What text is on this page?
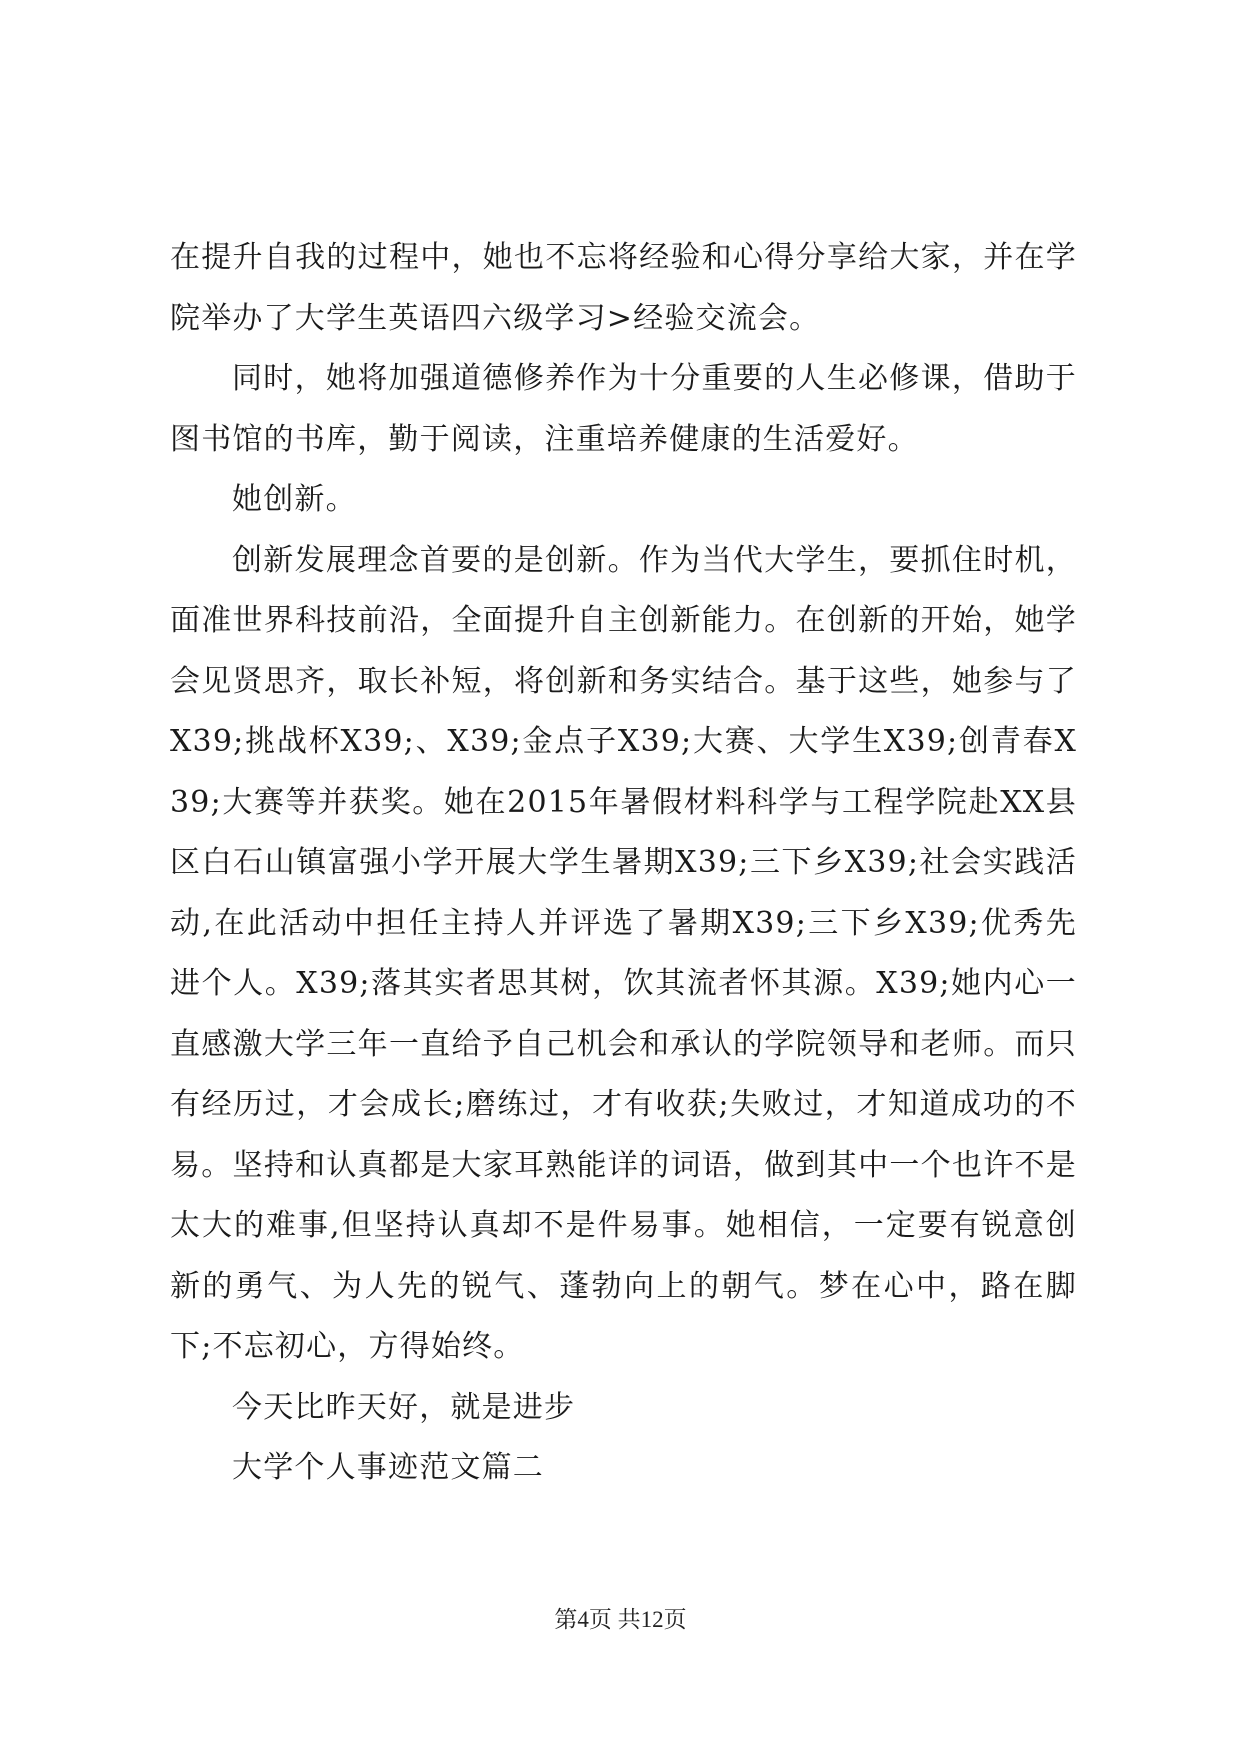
在提升自我的过程中，她也不忘将经验和心得分享给大家，并在学院举办了大学生英语四六级学习>经验交流会。

同时，她将加强道德修养作为十分重要的人生必修课，借助于图书馆的书库，勤于阅读，注重培养健康的生活爱好。

她创新。

创新发展理念首要的是创新。作为当代大学生，要抓住时机，面准世界科技前沿，全面提升自主创新能力。在创新的开始，她学会见贤思齐，取长补短，将创新和务实结合。基于这些，她参与了X39;挑战杯X39;、X39;金点子X39;大赛、大学生X39;创青春X39;大赛等并获奖。她在2015年暑假材料科学与工程学院赴XX县区白石山镇富强小学开展大学生暑期X39;三下乡X39;社会实践活动,在此活动中担任主持人并评选了暑期X39;三下乡X39;优秀先进个人。X39;落其实者思其树，饮其流者怀其源。X39;她内心一直感激大学三年一直给予自己机会和承认的学院领导和老师。而只有经历过，才会成长;磨练过，才有收获;失败过，才知道成功的不易。坚持和认真都是大家耳熟能详的词语，做到其中一个也许不是太大的难事,但坚持认真却不是件易事。她相信，一定要有锐意创新的勇气、为人先的锐气、蓬勃向上的朝气。梦在心中，路在脚下;不忘初心，方得始终。

今天比昨天好，就是进步

大学个人事迹范文篇二

第4页 共12页
